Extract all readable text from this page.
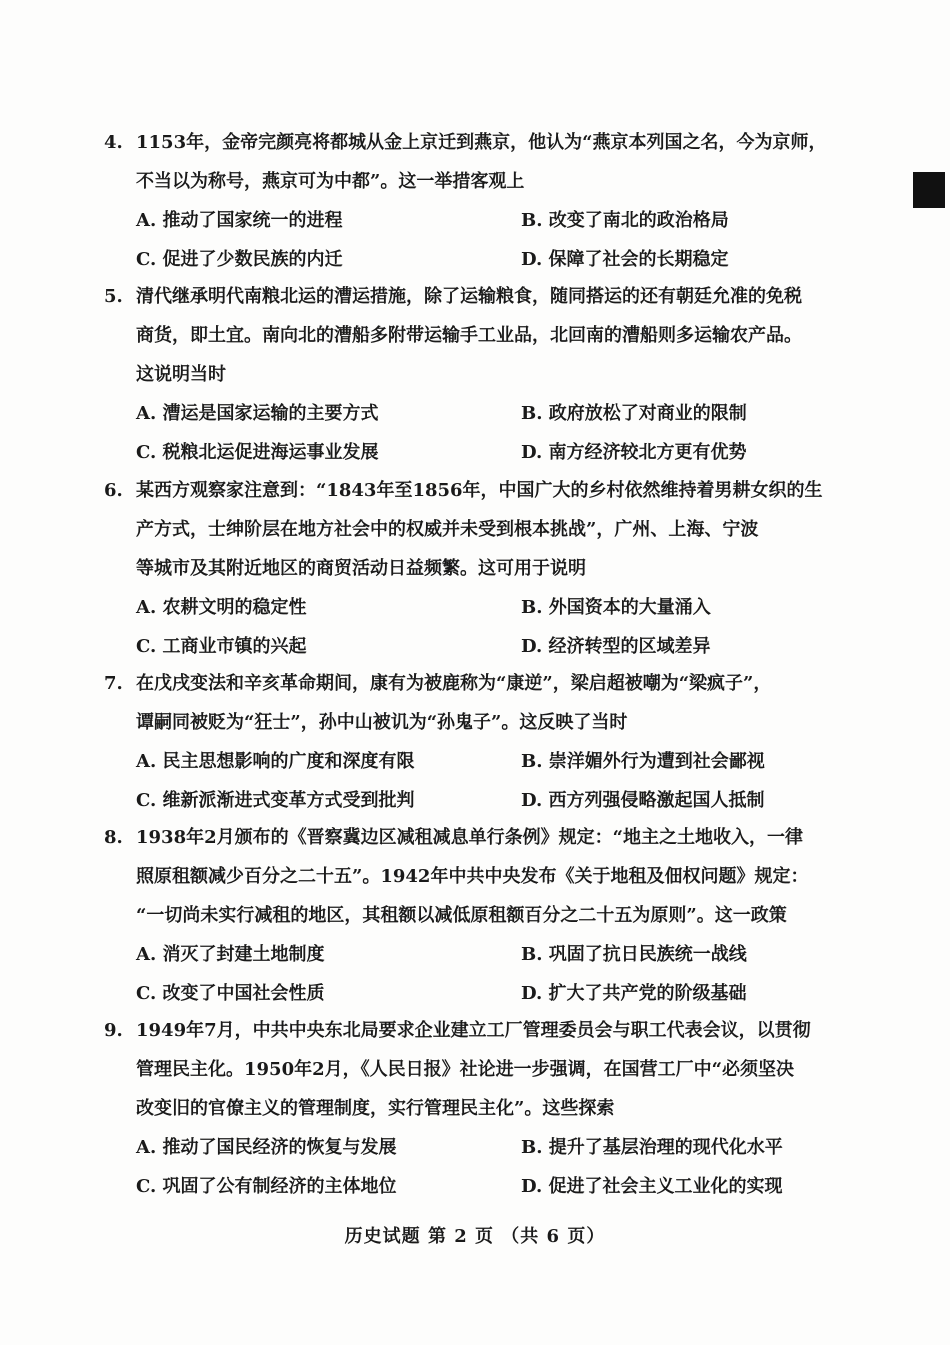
4. 1153年，金帝完颜亮将都城从金上京迁到燕京，他认为“燕京本列国之名，今为京师，
不当以为称号，燕京可为中都”。这一举措客观上
A. 推动了国家统一的进程	B. 改变了南北的政治格局
C. 促进了少数民族的内迁	D. 保障了社会的长期稳定
5. 清代继承明代南粮北运的漕运措施，除了运输粮食，随同搭运的还有朝廷允准的免税
商货，即土宜。南向北的漕船多附带运输手工业品，北回南的漕船则多运输农产品。
这说明当时
A. 漕运是国家运输的主要方式	B. 政府放松了对商业的限制
C. 税粮北运促进海运事业发展	D. 南方经济较北方更有优势
6. 某西方观察家注意到：“1843年至1856年，中国广大的乡村依然维持着男耕女织的生
产方式，士绅阶层在地方社会中的权威并未受到根本挑战”，广州、上海、宁波
等城市及其附近地区的商贸活动日益频繁。这可用于说明
A. 农耕文明的稳定性	B. 外国资本的大量涌入
C. 工商业市镇的兴起	D. 经济转型的区域差异
7. 在戊戌变法和辛亥革命期间，康有为被鹿称为“康逆”，梁启超被嘲为“梁疯子”，
谭嗣同被贬为“狂士”，孙中山被讥为“孙鬼子”。这反映了当时
A. 民主思想影响的广度和深度有限	B. 崇洋媚外行为遭到社会鄙视
C. 维新派渐进式变革方式受到批判	D. 西方列强侵略激起国人抵制
8. 1938年2月颁布的《晋察冀边区减租减息单行条例》规定：“地主之土地收入，一律
照原租额减少百分之二十五”。1942年中共中央发布《关于地租及佃权问题》规定：
“一切尚未实行减租的地区，其租额以减低原租额百分之二十五为原则”。这一政策
A. 消灭了封建土地制度	B. 巩固了抗日民族统一战线
C. 改变了中国社会性质	D. 扩大了共产党的阶级基础
9. 1949年7月，中共中央东北局要求企业建立工厂管理委员会与职工代表会议，以贯彻
管理民主化。1950年2月，《人民日报》社论进一步强调，在国营工厂中“必须坚决
改变旧的官僚主义的管理制度，实行管理民主化”。这些探索
A. 推动了国民经济的恢复与发展	B. 提升了基层治理的现代化水平
C. 巩固了公有制经济的主体地位	D. 促进了社会主义工业化的实现
历史试题 第 2 页 （共 6 页）
